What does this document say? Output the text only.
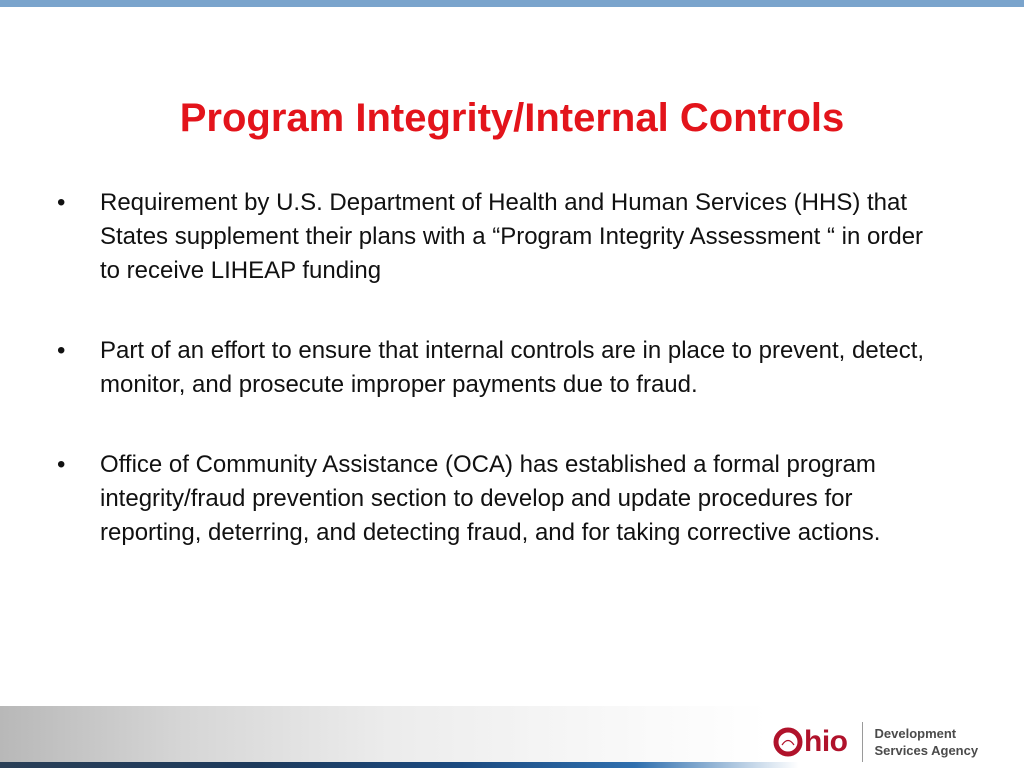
Program Integrity/Internal Controls
•	Requirement by U.S. Department of Health and Human Services (HHS) that States supplement their plans with a “Program Integrity Assessment “ in order to receive LIHEAP funding
•	Part of an effort to ensure that internal controls are in place to prevent, detect, monitor, and prosecute improper payments due to fraud.
•	Office of Community Assistance (OCA) has established a formal program integrity/fraud prevention section to develop and update procedures for reporting, deterring, and detecting fraud, and for taking corrective actions.
hio Development
Services Agency
